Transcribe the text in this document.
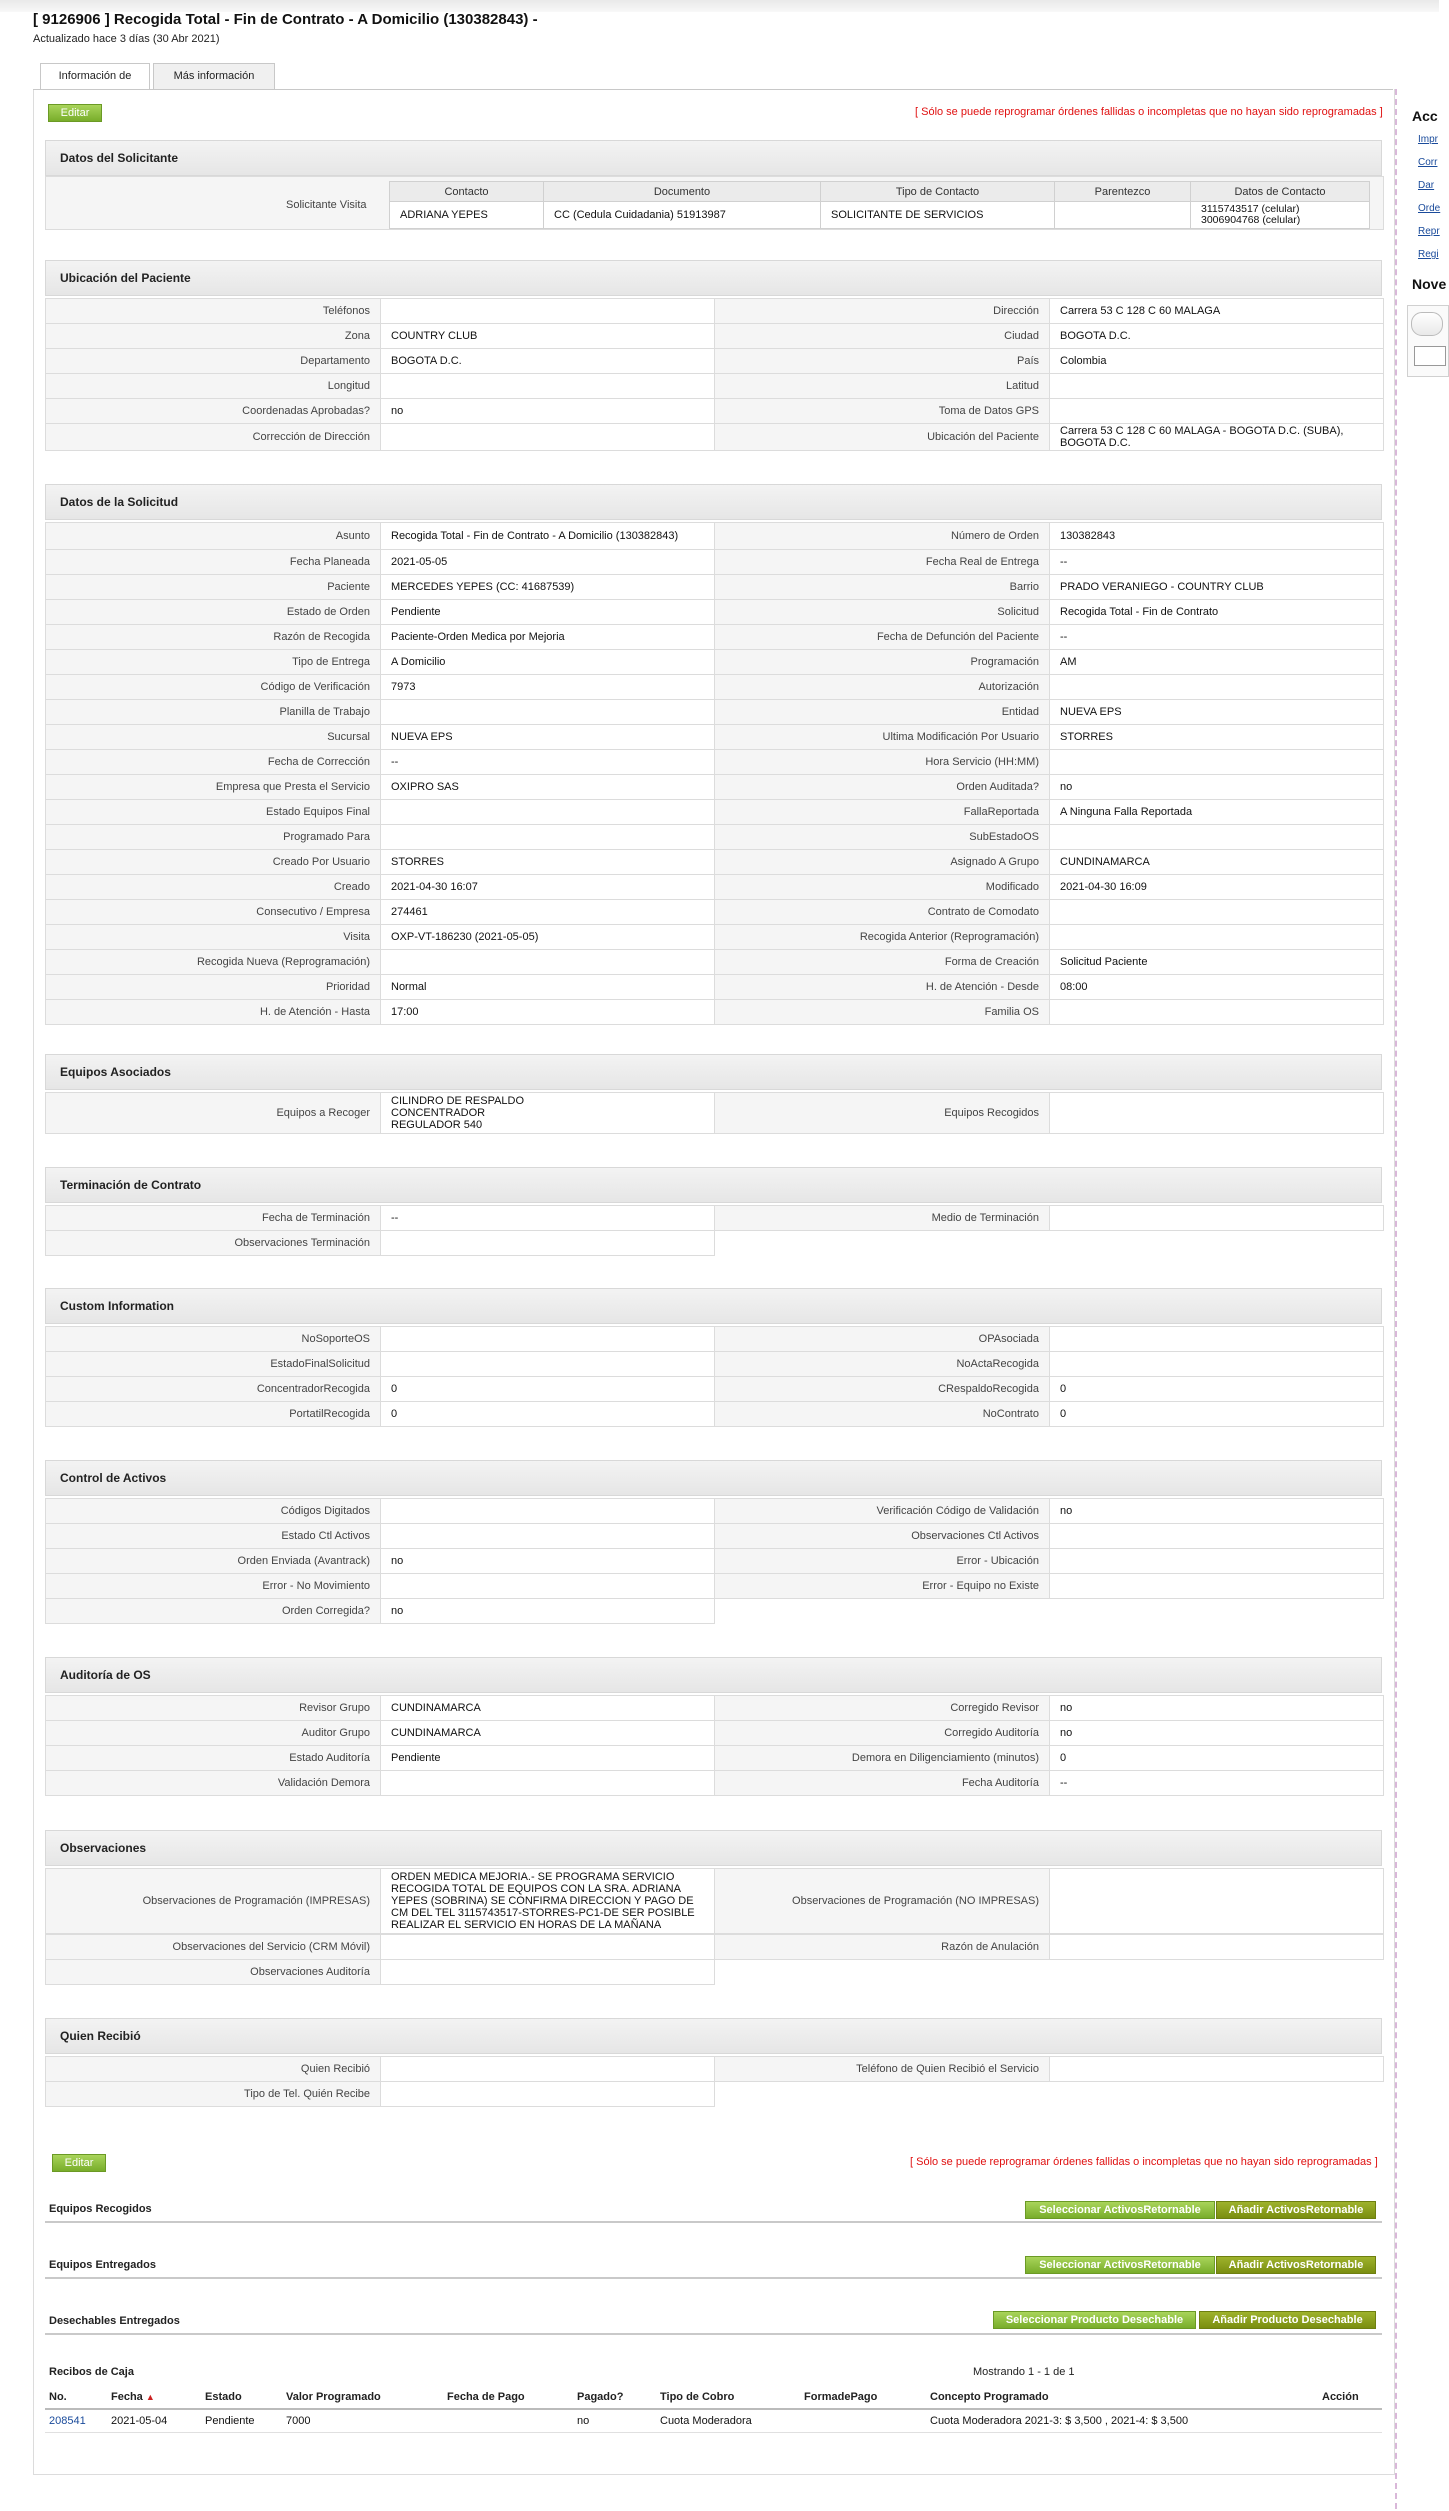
[ 9126906 ] Recogida Total - Fin de Contrato - A Domicilio (130382843) -
Actualizado hace 3 días (30 Abr 2021)
Información de	Más información
Editar	[ Sólo se puede reprogramar órdenes fallidas o incompletas que no hayan sido reprogramadas ]
Datos del Solicitante
Solicitante Visita
Contacto	Documento	Tipo de Contacto	Parentezco	Datos de Contacto
ADRIANA YEPES	CC (Cedula Cuidadania) 51913987	SOLICITANTE DE SERVICIOS		3115743517 (celular)
3006904768 (celular)
Ubicación del Paciente
Teléfonos		Dirección	Carrera 53 C 128 C 60 MALAGA
Zona	COUNTRY CLUB	Ciudad	BOGOTA D.C.
Departamento	BOGOTA D.C.	País	Colombia
Longitud		Latitud	
Coordenadas Aprobadas?	no	Toma de Datos GPS	
Corrección de Dirección		Ubicación del Paciente	Carrera 53 C 128 C 60 MALAGA - BOGOTA D.C. (SUBA), BOGOTA D.C.
Datos de la Solicitud
Asunto	Recogida Total - Fin de Contrato - A Domicilio (130382843)	Número de Orden	130382843
Fecha Planeada	2021-05-05	Fecha Real de Entrega	--
Paciente	MERCEDES YEPES (CC: 41687539)	Barrio	PRADO VERANIEGO - COUNTRY CLUB
Estado de Orden	Pendiente	Solicitud	Recogida Total - Fin de Contrato
Razón de Recogida	Paciente-Orden Medica por Mejoria	Fecha de Defunción del Paciente	--
Tipo de Entrega	A Domicilio	Programación	AM
Código de Verificación	7973	Autorización	
Planilla de Trabajo		Entidad	NUEVA EPS
Sucursal	NUEVA EPS	Ultima Modificación Por Usuario	STORRES
Fecha de Corrección	--	Hora Servicio (HH:MM)	
Empresa que Presta el Servicio	OXIPRO SAS	Orden Auditada?	no
Estado Equipos Final		FallaReportada	A Ninguna Falla Reportada
Programado Para		SubEstadoOS	
Creado Por Usuario	STORRES	Asignado A Grupo	CUNDINAMARCA
Creado	2021-04-30 16:07	Modificado	2021-04-30 16:09
Consecutivo / Empresa	274461	Contrato de Comodato	
Visita	OXP-VT-186230 (2021-05-05)	Recogida Anterior (Reprogramación)	
Recogida Nueva (Reprogramación)		Forma de Creación	Solicitud Paciente
Prioridad	Normal	H. de Atención - Desde	08:00
H. de Atención - Hasta	17:00	Familia OS	
Equipos Asociados
Equipos a Recoger	CILINDRO DE RESPALDO
CONCENTRADOR
REGULADOR 540	Equipos Recogidos	
Terminación de Contrato
Fecha de Terminación	--	Medio de Terminación	
Observaciones Terminación			
Custom Information
NoSoporteOS		OPAsociada	
EstadoFinalSolicitud		NoActaRecogida	
ConcentradorRecogida	0	CRespaldoRecogida	0
PortatilRecogida	0	NoContrato	0
Control de Activos
Códigos Digitados		Verificación Código de Validación	no
Estado Ctl Activos		Observaciones Ctl Activos	
Orden Enviada (Avantrack)	no	Error - Ubicación	
Error - No Movimiento		Error - Equipo no Existe	
Orden Corregida?	no		
Auditoría de OS
Revisor Grupo	CUNDINAMARCA	Corregido Revisor	no
Auditor Grupo	CUNDINAMARCA	Corregido Auditoría	no
Estado Auditoría	Pendiente	Demora en Diligenciamiento (minutos)	0
Validación Demora		Fecha Auditoría	--
Observaciones
Observaciones de Programación (IMPRESAS)	ORDEN MEDICA MEJORIA.- SE PROGRAMA SERVICIO RECOGIDA TOTAL DE EQUIPOS CON LA SRA. ADRIANA YEPES (SOBRINA) SE CONFIRMA DIRECCION Y PAGO DE CM DEL TEL 3115743517-STORRES-PC1-DE SER POSIBLE REALIZAR EL SERVICIO EN HORAS DE LA MAÑANA	Observaciones de Programación (NO IMPRESAS)	
Observaciones del Servicio (CRM Móvil)		Razón de Anulación	
Observaciones Auditoría			
Quien Recibió
Quien Recibió		Teléfono de Quien Recibió el Servicio	
Tipo de Tel. Quién Recibe			
Editar	[ Sólo se puede reprogramar órdenes fallidas o incompletas que no hayan sido reprogramadas ]
Equipos Recogidos	Seleccionar ActivosRetornable	Añadir ActivosRetornable
Equipos Entregados	Seleccionar ActivosRetornable	Añadir ActivosRetornable
Desechables Entregados	Seleccionar Producto Desechable	Añadir Producto Desechable
Recibos de Caja	Mostrando 1 - 1 de 1
No.	Fecha ▲	Estado	Valor Programado	Fecha de Pago	Pagado?	Tipo de Cobro	FormadePago	Concepto Programado	Acción
208541	2021-05-04	Pendiente	7000		no	Cuota Moderadora		Cuota Moderadora 2021-3: $ 3,500 , 2021-4: $ 3,500	
Acc
Impr
Corr
Dar
Orde
Repr
Regi
Nove
